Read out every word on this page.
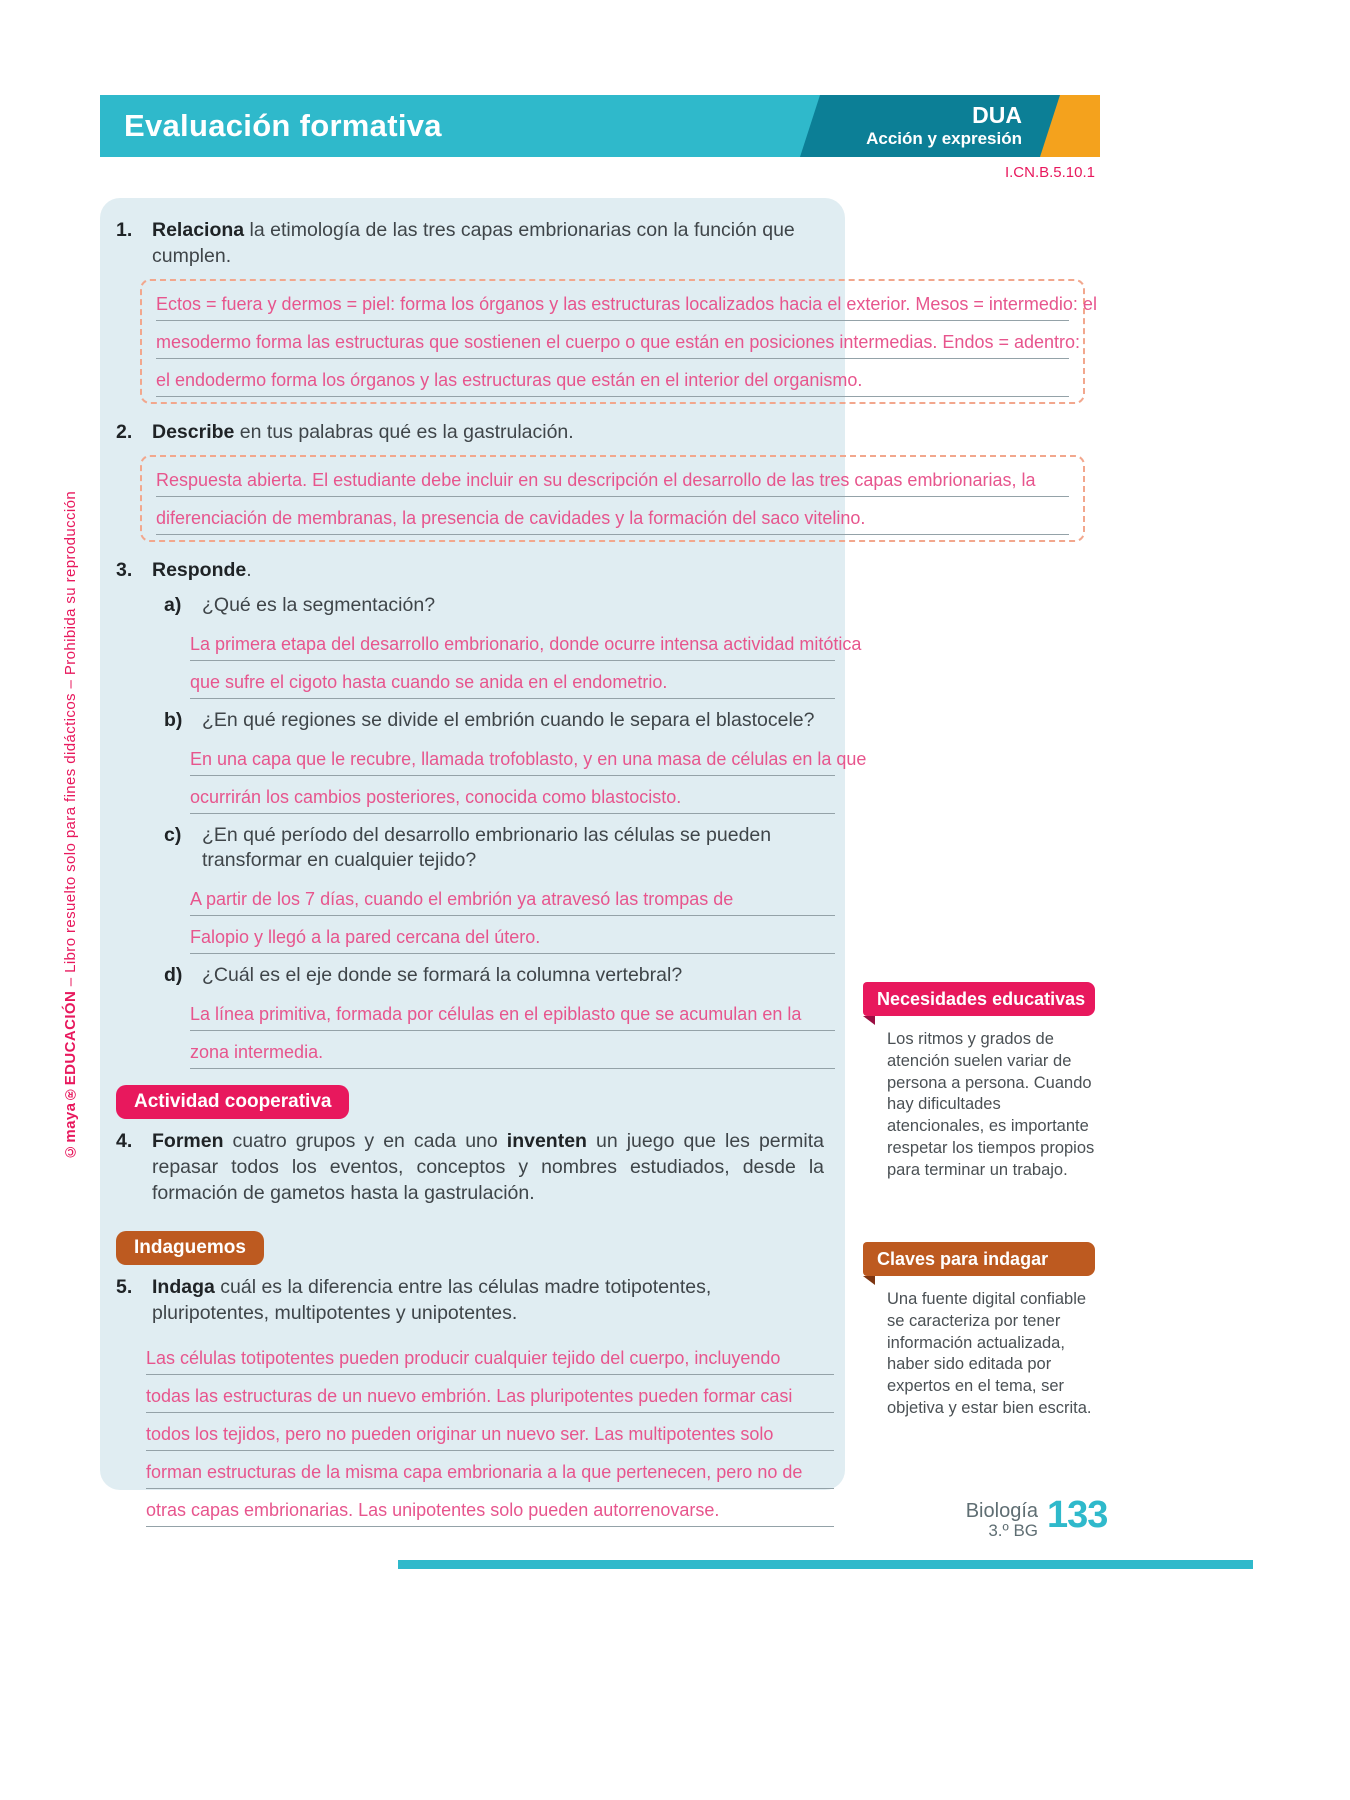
Evaluación formativa	DUA
Acción y expresión
I.CN.B.5.10.1
©maya®EDUCACIÓN – Libro resuelto solo para fines didácticos – Prohibida su reproducción
1.	Relaciona la etimología de las tres capas embrionarias con la función que cumplen.
Ectos = fuera y dermos = piel: forma los órganos y las estructuras localizados hacia el exterior. Mesos = intermedio: el
mesodermo forma las estructuras que sostienen el cuerpo o que están en posiciones intermedias. Endos = adentro:
el endodermo forma los órganos y las estructuras que están en el interior del organismo.
2.	Describe en tus palabras qué es la gastrulación.
Respuesta abierta. El estudiante debe incluir en su descripción el desarrollo de las tres capas embrionarias, la
diferenciación de membranas, la presencia de cavidades y la formación del saco vitelino.
3.	Responde.
a)	¿Qué es la segmentación?
La primera etapa del desarrollo embrionario, donde ocurre intensa actividad mitótica
que sufre el cigoto hasta cuando se anida en el endometrio.
b) ¿En qué regiones se divide el embrión cuando le separa el blastocele?
En una capa que le recubre, llamada trofoblasto, y en una masa de células en la que
ocurrirán los cambios posteriores, conocida como blastocisto.
c)	¿En qué período del desarrollo embrionario las células se pueden transformar en cualquier tejido?
A partir de los 7 días, cuando el embrión ya atravesó las trompas de
Falopio y llegó a la pared cercana del útero.
d) ¿Cuál es el eje donde se formará la columna vertebral?
La línea primitiva, formada por células en el epiblasto que se acumulan en la
zona intermedia.
Actividad cooperativa
4.	Formen cuatro grupos y en cada uno inventen un juego que les permita repasar todos los eventos, conceptos y nombres estudiados, desde la formación de gametos hasta la gastrulación.
Indaguemos
5.	Indaga cuál es la diferencia entre las células madre totipotentes, pluripotentes, multipotentes y unipotentes.
Las células totipotentes pueden producir cualquier tejido del cuerpo, incluyendo
todas las estructuras de un nuevo embrión. Las pluripotentes pueden formar casi
todos los tejidos, pero no pueden originar un nuevo ser. Las multipotentes solo
forman estructuras de la misma capa embrionaria a la que pertenecen, pero no de
otras capas embrionarias. Las unipotentes solo pueden autorrenovarse.
Necesidades educativas
Los ritmos y grados de atención suelen variar de persona a persona. Cuando hay dificultades atencionales, es importante respetar los tiempos propios para terminar un trabajo.
Claves para indagar
Una fuente digital confiable se caracteriza por tener información actualizada, haber sido editada por expertos en el tema, ser objetiva y estar bien escrita.
Biología
3.º BG 133
